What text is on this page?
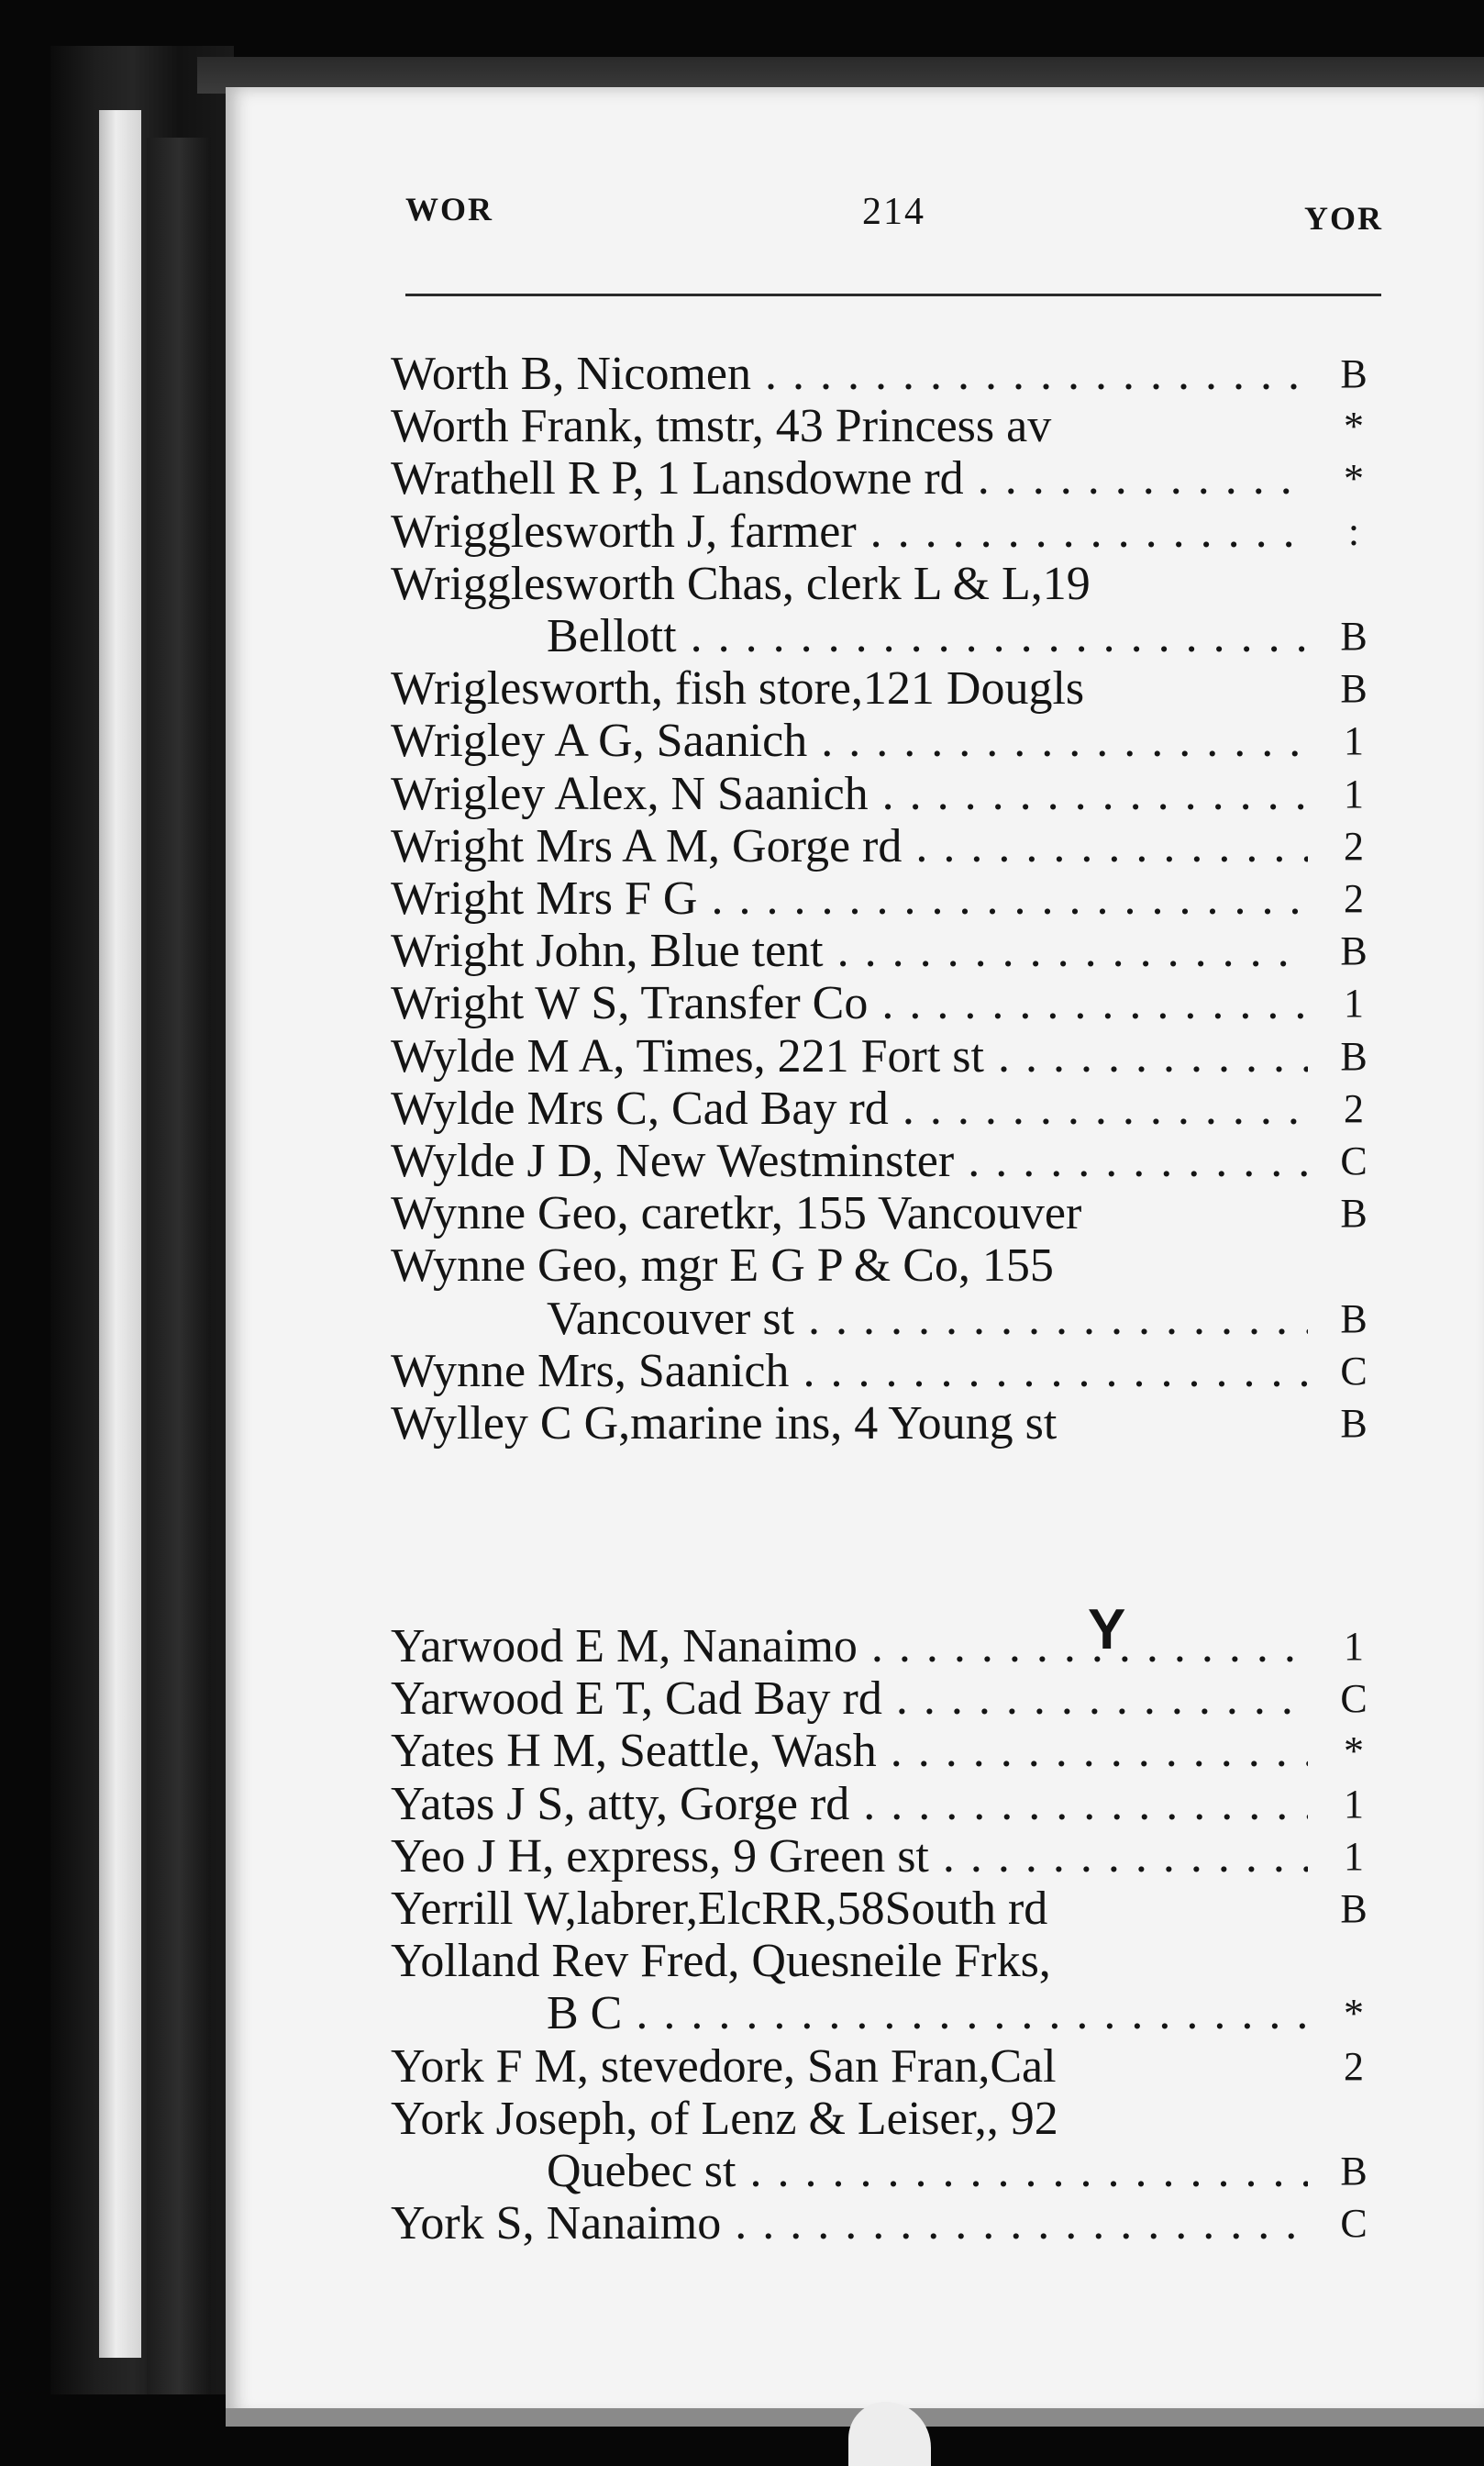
WOR	214	YOR
Worth B, Nicomen . . .	B
Worth Frank, tmstr, 43 Princess av	*
Wrathell R P, 1 Lansdowne rd . . .	*
Wrigglesworth J, farmer . . .	:
Wrigglesworth Chas, clerk L & L,19
Bellott . . .	B
Wriglesworth, fish store,121 Dougls	B
Wrigley A G, Saanich . . .	1
Wrigley Alex, N Saanich . . .	1
Wright Mrs A M, Gorge rd . . .	2
Wright Mrs F G . . .	2
Wright John, Blue tent . . .	B
Wright W S, Transfer Co . . .	1
Wylde M A, Times, 221 Fort st . . .	B
Wylde Mrs C, Cad Bay rd . . .	2
Wylde J D, New Westminster . . .	C
Wynne Geo, caretkr, 155 Vancouver	B
Wynne Geo, mgr E G P & Co, 155
Vancouver st . . .	B
Wynne Mrs, Saanich . . .	C
Wylley C G,marine ins, 4 Young st	B
Y
Yarwood E M, Nanaimo . . .	1
Yarwood E T, Cad Bay rd . . .	C
Yates H M, Seattle, Wash . . .	*
Yatəs J S, atty, Gorge rd . . .	1
Yeo J H, express, 9 Green st . . .	1
Yerrill W,labrer,ElcRR,58South rd	B
Yolland Rev Fred, Quesneile Frks,
B C . . .	*
York F M, stevedore, San Fran,Cal	2
York Joseph, of Lenz & Leiser,, 92
Quebec st . . .	B
York S, Nanaimo . . .	C
